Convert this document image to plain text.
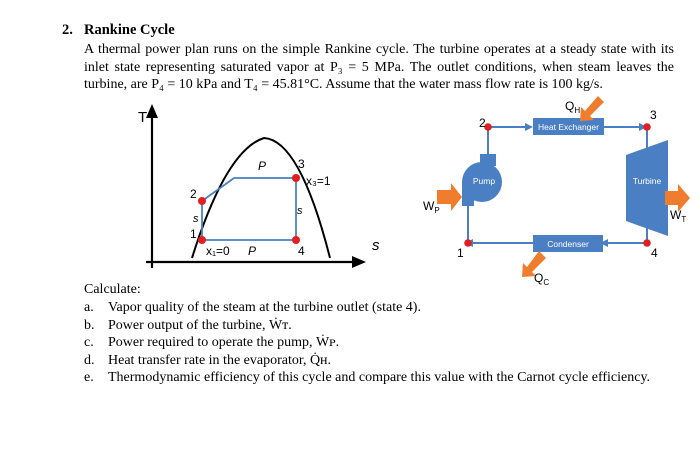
2. Rankine Cycle

A thermal power plan runs on the simple Rankine cycle. The turbine operates at a steady state with its inlet state representing saturated vapor at P₃ = 5 MPa. The outlet conditions, when steam leaves the turbine, are P₄ = 10 kPa and T₄ = 45.81°C. Assume that the water mass flow rate is 100 kg/s.

T
s
1
2
3
4
x₃=1
x₁=0
P
P
s
s
Heat Exchanger
Condenser
Pump	Turbine
2
3
4
1
$Q_H$
$Q_C$
$W_P$	$W_T$
Calculate:
a.	Vapor quality of the steam at the turbine outlet (state 4).
b. Power output of the turbine, Ẇᴛ.
c.	Power required to operate the pump, Ẇᴘ.
d. Heat transfer rate in the evaporator, Q̇ʜ.
e.	Thermodynamic efficiency of this cycle and compare this value with the Carnot cycle efficiency.
